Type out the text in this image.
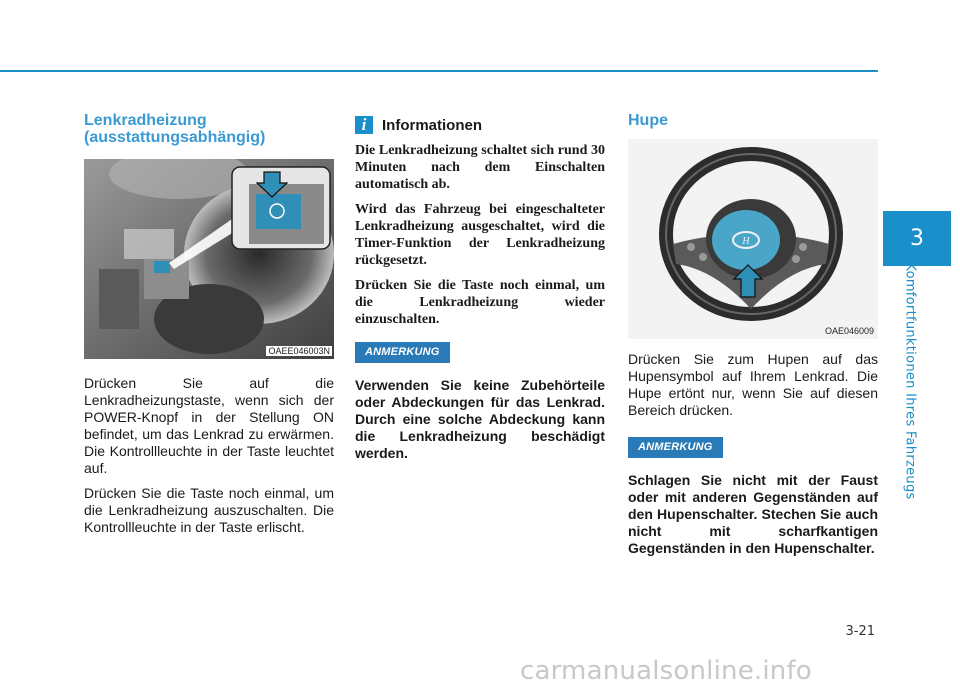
3
Komfortfunktionen Ihres Fahrzeugs
Lenkradheizung
(ausstattungsabhängig)
OAEE046003N

Drücken Sie auf die Lenkradheizungstaste, wenn sich der POWER-Knopf in der Stellung ON befindet, um das Lenkrad zu erwärmen. Die Kontrollleuchte in der Taste leuchtet auf.

Drücken Sie die Taste noch einmal, um die Lenkradheizung auszuschalten. Die Kontrollleuchte in der Taste erlischt.

i	Informationen

Die Lenkradheizung schaltet sich rund 30 Minuten nach dem Einschalten automatisch ab.

Wird das Fahrzeug bei eingeschalteter Lenkradheizung ausgeschaltet, wird die Timer-Funktion der Lenkradheizung rückgesetzt.

Drücken Sie die Taste noch einmal, um die Lenkradheizung wieder einzuschalten.

ANMERKUNG

Verwenden Sie keine Zubehörteile oder Abdeckungen für das Lenkrad. Durch eine solche Abdeckung kann die Lenkradheizung beschädigt werden.

Hupe
H
OAE046009

Drücken Sie zum Hupen auf das Hupensymbol auf Ihrem Lenkrad. Die Hupe ertönt nur, wenn Sie auf diesen Bereich drücken.

ANMERKUNG

Schlagen Sie nicht mit der Faust oder mit anderen Gegenständen auf den Hupenschalter. Stechen Sie auch nicht mit scharfkantigen Gegenständen in den Hupenschalter.

3-21
carmanualsonline.info
